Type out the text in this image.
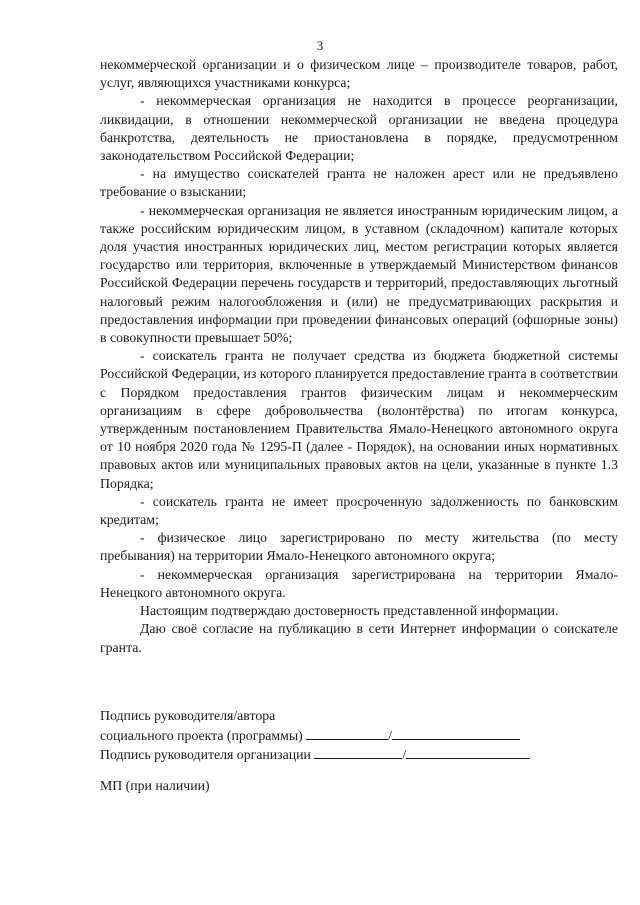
3

некоммерческой организации и о физическом лице – производителе товаров, работ, услуг, являющихся участниками конкурса;

- некоммерческая организация не находится в процессе реорганизации, ликвидации, в отношении некоммерческой организации не введена процедура банкротства, деятельность не приостановлена в порядке, предусмотренном законодательством Российской Федерации;

- на имущество соискателей гранта не наложен арест или не предъявлено требование о взыскании;

- некоммерческая организация не является иностранным юридическим лицом, а также российским юридическим лицом, в уставном (складочном) капитале которых доля участия иностранных юридических лиц, местом регистрации которых является государство или территория, включенные в утверждаемый Министерством финансов Российской Федерации перечень государств и территорий, предоставляющих льготный налоговый режим налогообложения и (или) не предусматривающих раскрытия и предоставления информации при проведении финансовых операций (офшорные зоны) в совокупности превышает 50%;

- соискатель гранта не получает средства из бюджета бюджетной системы Российской Федерации, из которого планируется предоставление гранта в соответствии с Порядком предоставления грантов физическим лицам и некоммерческим организациям в сфере добровольчества (волонтёрства) по итогам конкурса, утвержденным постановлением Правительства Ямало-Ненецкого автономного округа от 10 ноября 2020 года № 1295-П (далее - Порядок), на основании иных нормативных правовых актов или муниципальных правовых актов на цели, указанные в пункте 1.3 Порядка;

- соискатель гранта не имеет просроченную задолженность по банковским кредитам;

- физическое лицо зарегистрировано по месту жительства (по месту пребывания) на территории Ямало-Ненецкого автономного округа;

- некоммерческая организация зарегистрирована на территории Ямало-Ненецкого автономного округа.

Настоящим подтверждаю достоверность представленной информации.

Даю своё согласие на публикацию в сети Интернет информации о соискателе гранта.

Подпись руководителя/автора
социального проекта (программы)	/
Подпись руководителя организации	/
МП (при наличии)
